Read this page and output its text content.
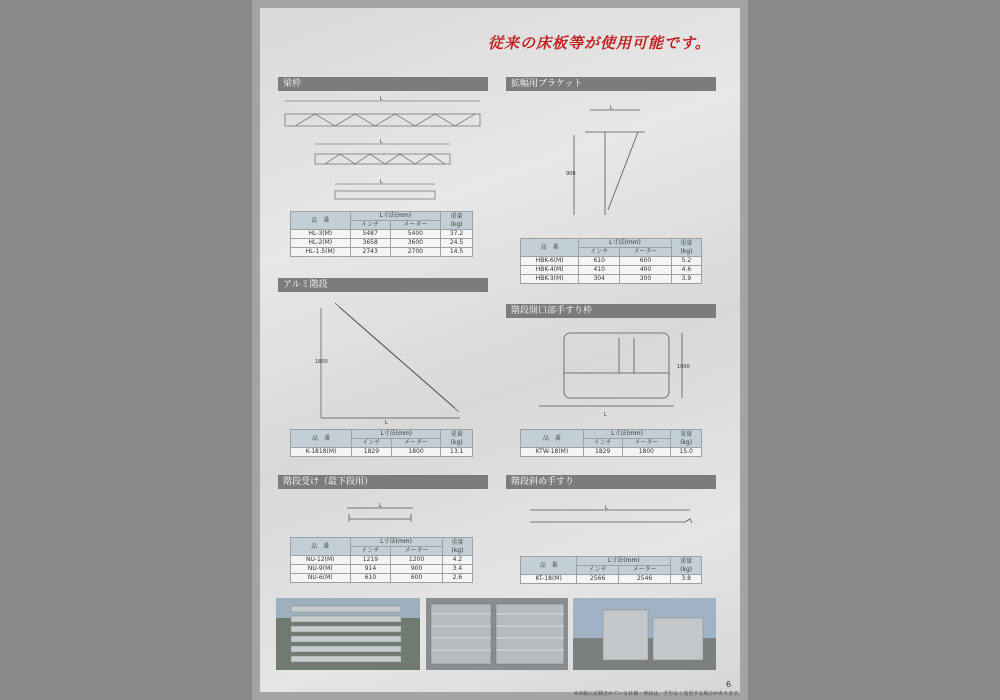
従来の床板等が使用可能です。
梁枠	拡幅用ブラケット
アルミ階段
階段開口部手すり枠
階段受け（最下段用）	階段斜め手すり
L
L
L
L
900
1800
L
L
1000
L	L
品　番	L寸法(mm)		重量
(kg)
	インチ	メーター	
HL-3(M)	5487	5400	37.2
HL-2(M)	3658	3600	24.5
HL-1.5(M)	2743	2700	14.5
品　番	L寸法(mm)		重量
(kg)
	インチ	メーター	
HBK-6(M)	610	600	5.2
HBK-4(M)	410	400	4.6
HBK-3(M)	304	300	3.9
品　番	L寸法(mm)		重量
(kg)
	インチ	メーター	
K-1818(M)	1829	1800	13.1
品　番	L寸法(mm)		重量
(kg)
	インチ	メーター	
KTW-18(M)	1829	1800	15.0
品　番	L寸法(mm)		重量
(kg)
	インチ	メーター	
NU-12(M)	1219	1200	4.2
NU-9(M)	914	900	3.4
NU-6(M)	610	600	2.6
品　番	L寸法(mm)		重量
(kg)
	インチ	メーター	
KT-18(M)	2566	2546	3.8
6
※本紙に記載されている仕様・形状は、予告なく変更する場合があります。
